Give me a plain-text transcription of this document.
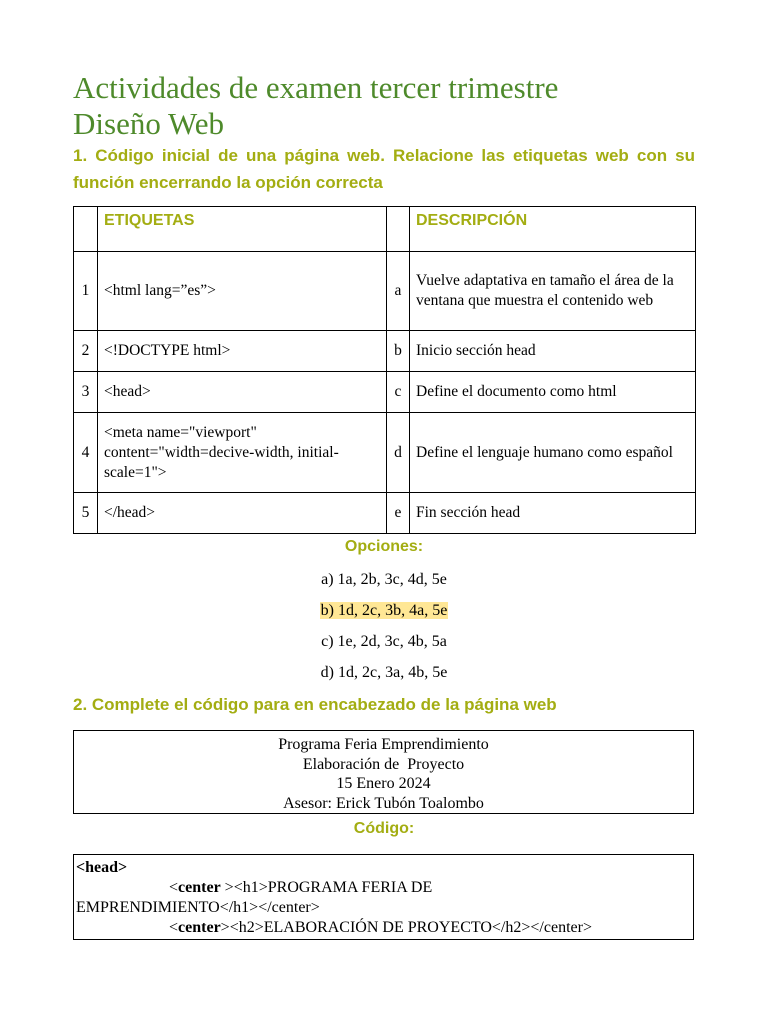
Actividades de examen tercer trimestre
Diseño Web

1. Código inicial de una página web. Relacione las etiquetas web con su función encerrando la opción correcta

	ETIQUETAS		DESCRIPCIÓN
1	<html lang=”es”>	a	Vuelve adaptativa en tamaño el área de la ventana que muestra el contenido web
2	<!DOCTYPE html>	b	Inicio sección head
3	<head>	c	Define el documento como html
4	<meta name="viewport" content="width=decive-width, initial-scale=1">	d	Define el lenguaje humano como español
5	</head>	e	Fin sección head
Opciones:
a) 1a, 2b, 3c, 4d, 5e
b) 1d, 2c, 3b, 4a, 5e
c) 1e, 2d, 3c, 4b, 5a
d) 1d, 2c, 3a, 4b, 5e
2. Complete el código para en encabezado de la página web
Programa Feria Emprendimiento
Elaboración de  Proyecto
15 Enero 2024
Asesor: Erick Tubón Toalombo
Código:
<head>
<center ><h1>PROGRAMA FERIA DE
EMPRENDIMIENTO</h1></center>
<center><h2>ELABORACIÓN DE PROYECTO</h2></center>
